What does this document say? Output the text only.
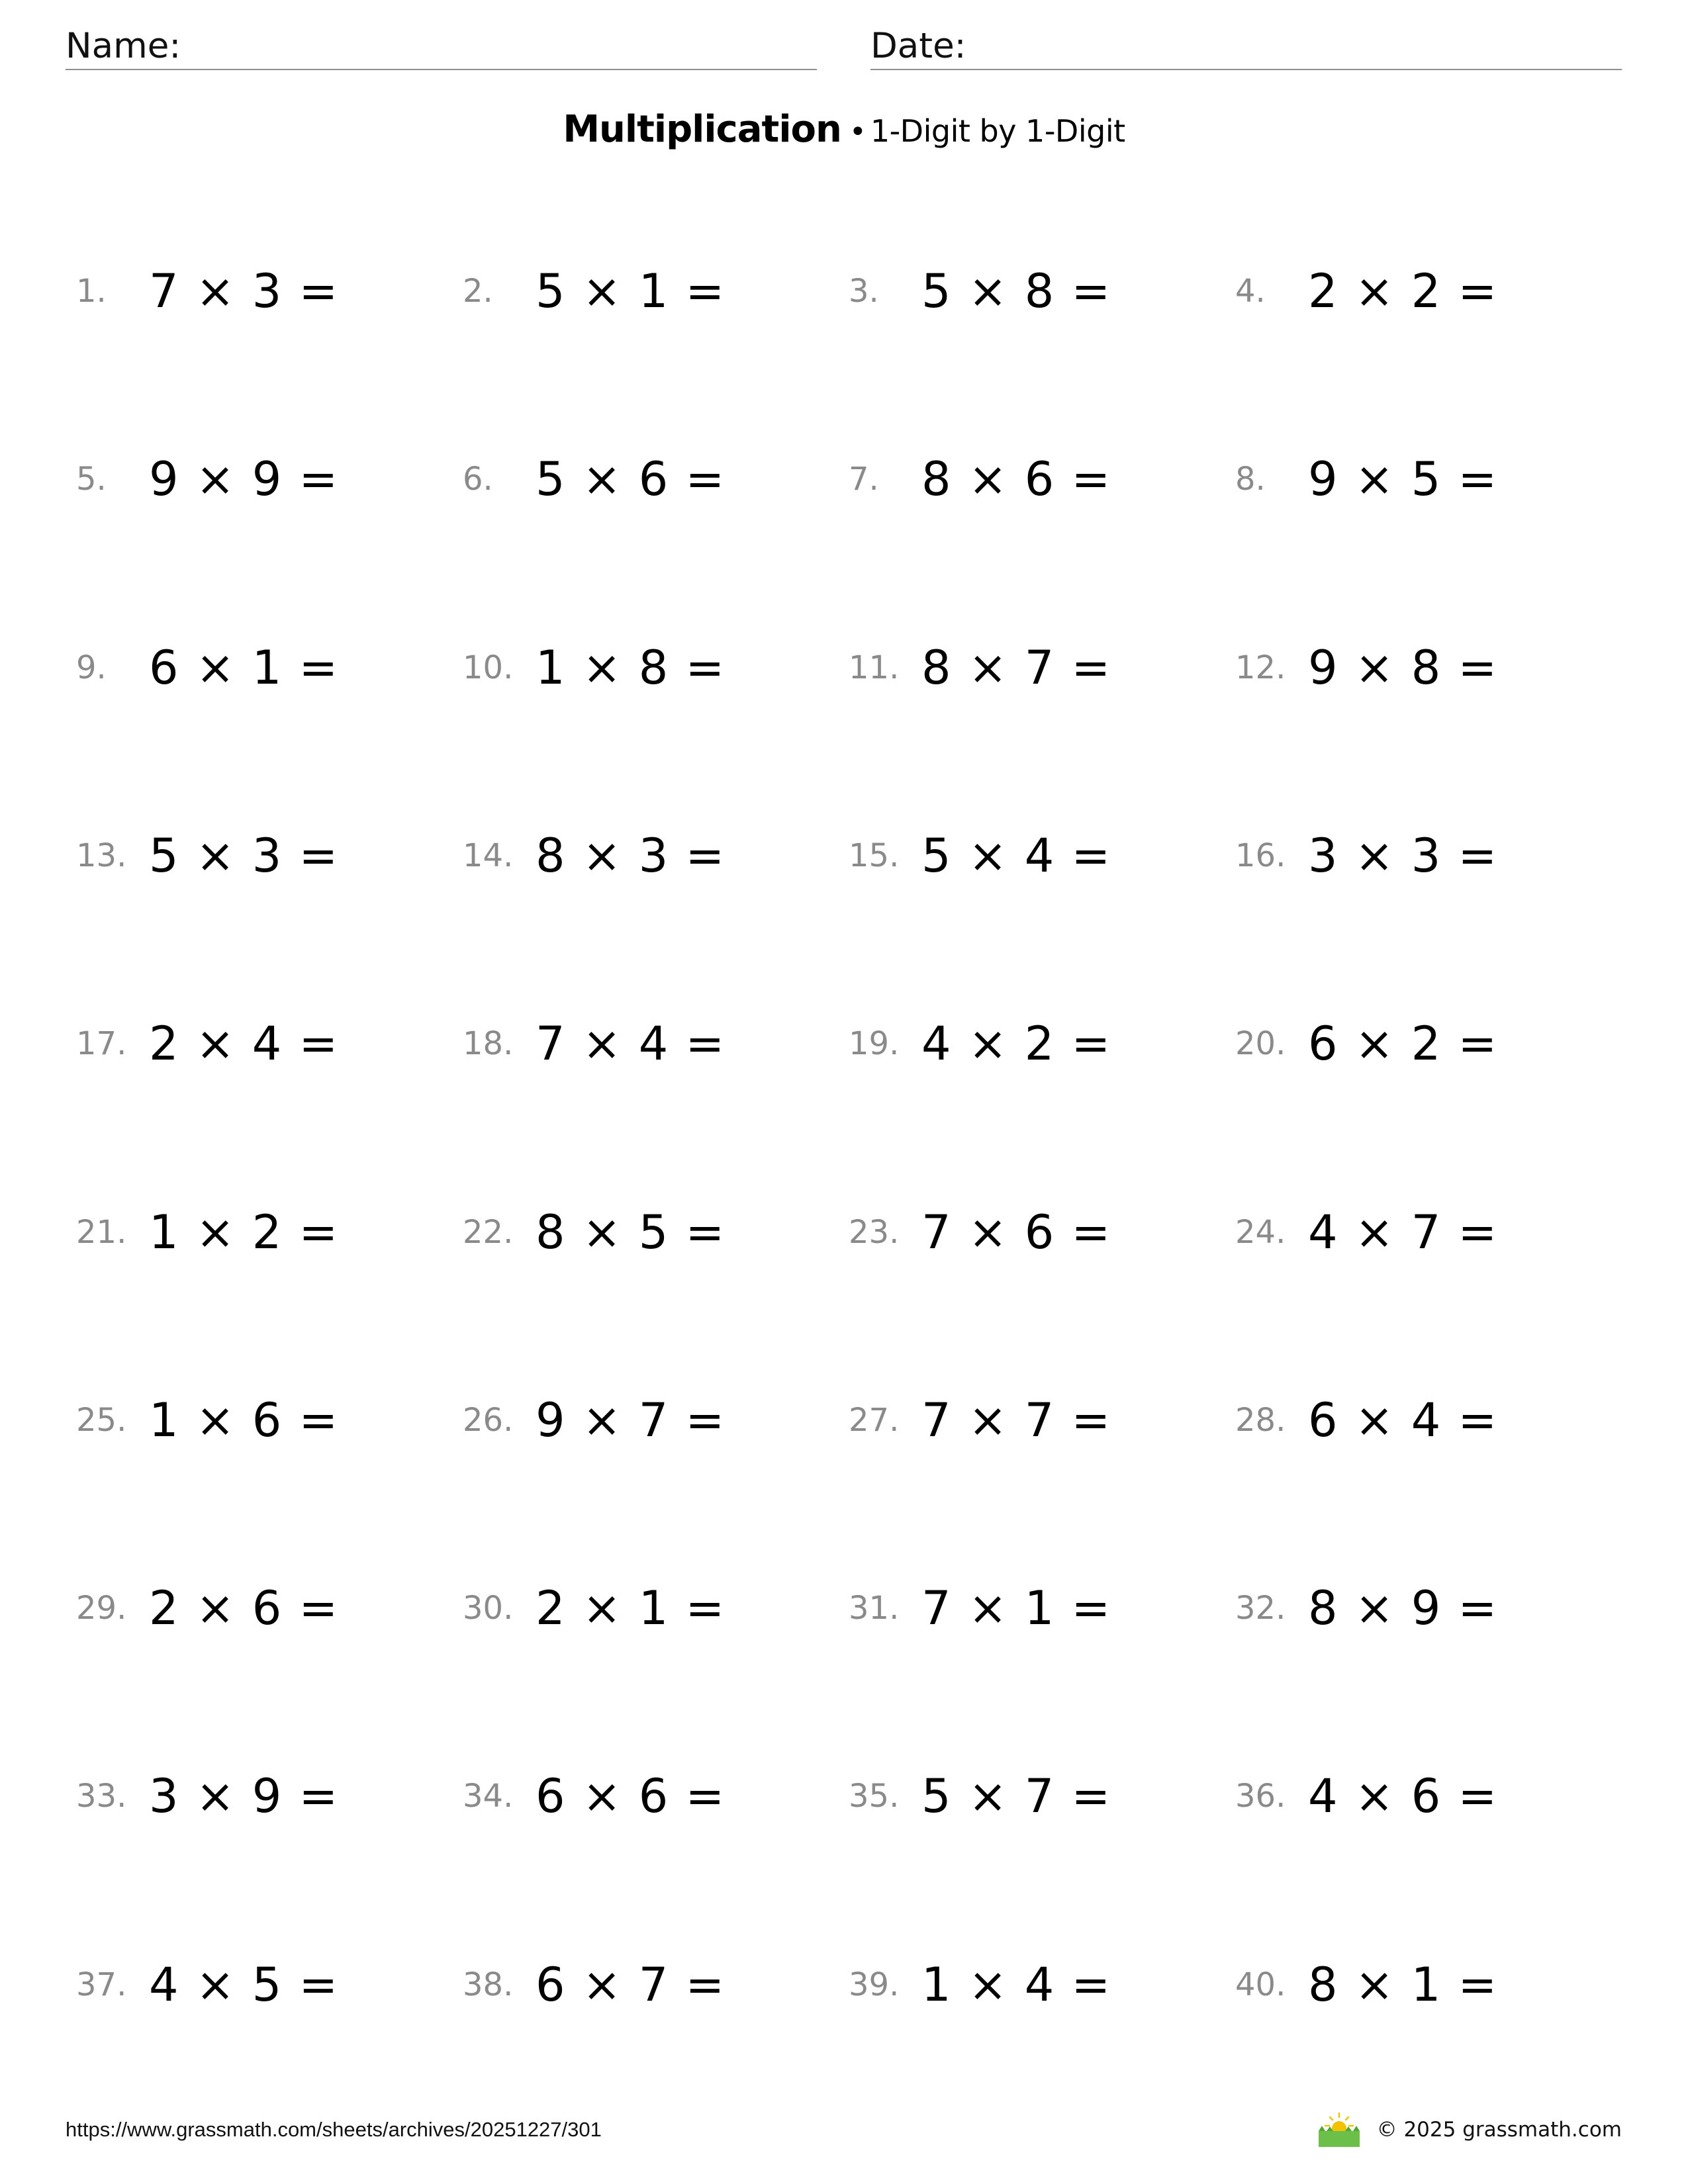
Name:	Date:
Multiplication • 1-Digit by 1-Digit
1. 7 × 3 =	2. 5 × 1 =	3. 5 × 8 =	4. 2 × 2 =
5. 9 × 9 =	6. 5 × 6 =	7. 8 × 6 =	8. 9 × 5 =
9. 6 × 1 =	10. 1 × 8 =	11. 8 × 7 =	12. 9 × 8 =
13. 5 × 3 =	14. 8 × 3 =	15. 5 × 4 =	16. 3 × 3 =
17. 2 × 4 =	18. 7 × 4 =	19. 4 × 2 =	20. 6 × 2 =
21. 1 × 2 =	22. 8 × 5 =	23. 7 × 6 =	24. 4 × 7 =
25. 1 × 6 =	26. 9 × 7 =	27. 7 × 7 =	28. 6 × 4 =
29. 2 × 6 =	30. 2 × 1 =	31. 7 × 1 =	32. 8 × 9 =
33. 3 × 9 =	34. 6 × 6 =	35. 5 × 7 =	36. 4 × 6 =
37. 4 × 5 =	38. 6 × 7 =	39. 1 × 4 =	40. 8 × 1 =
https://www.grassmath.com/sheets/archives/20251227/301	© 2025 grassmath.com
